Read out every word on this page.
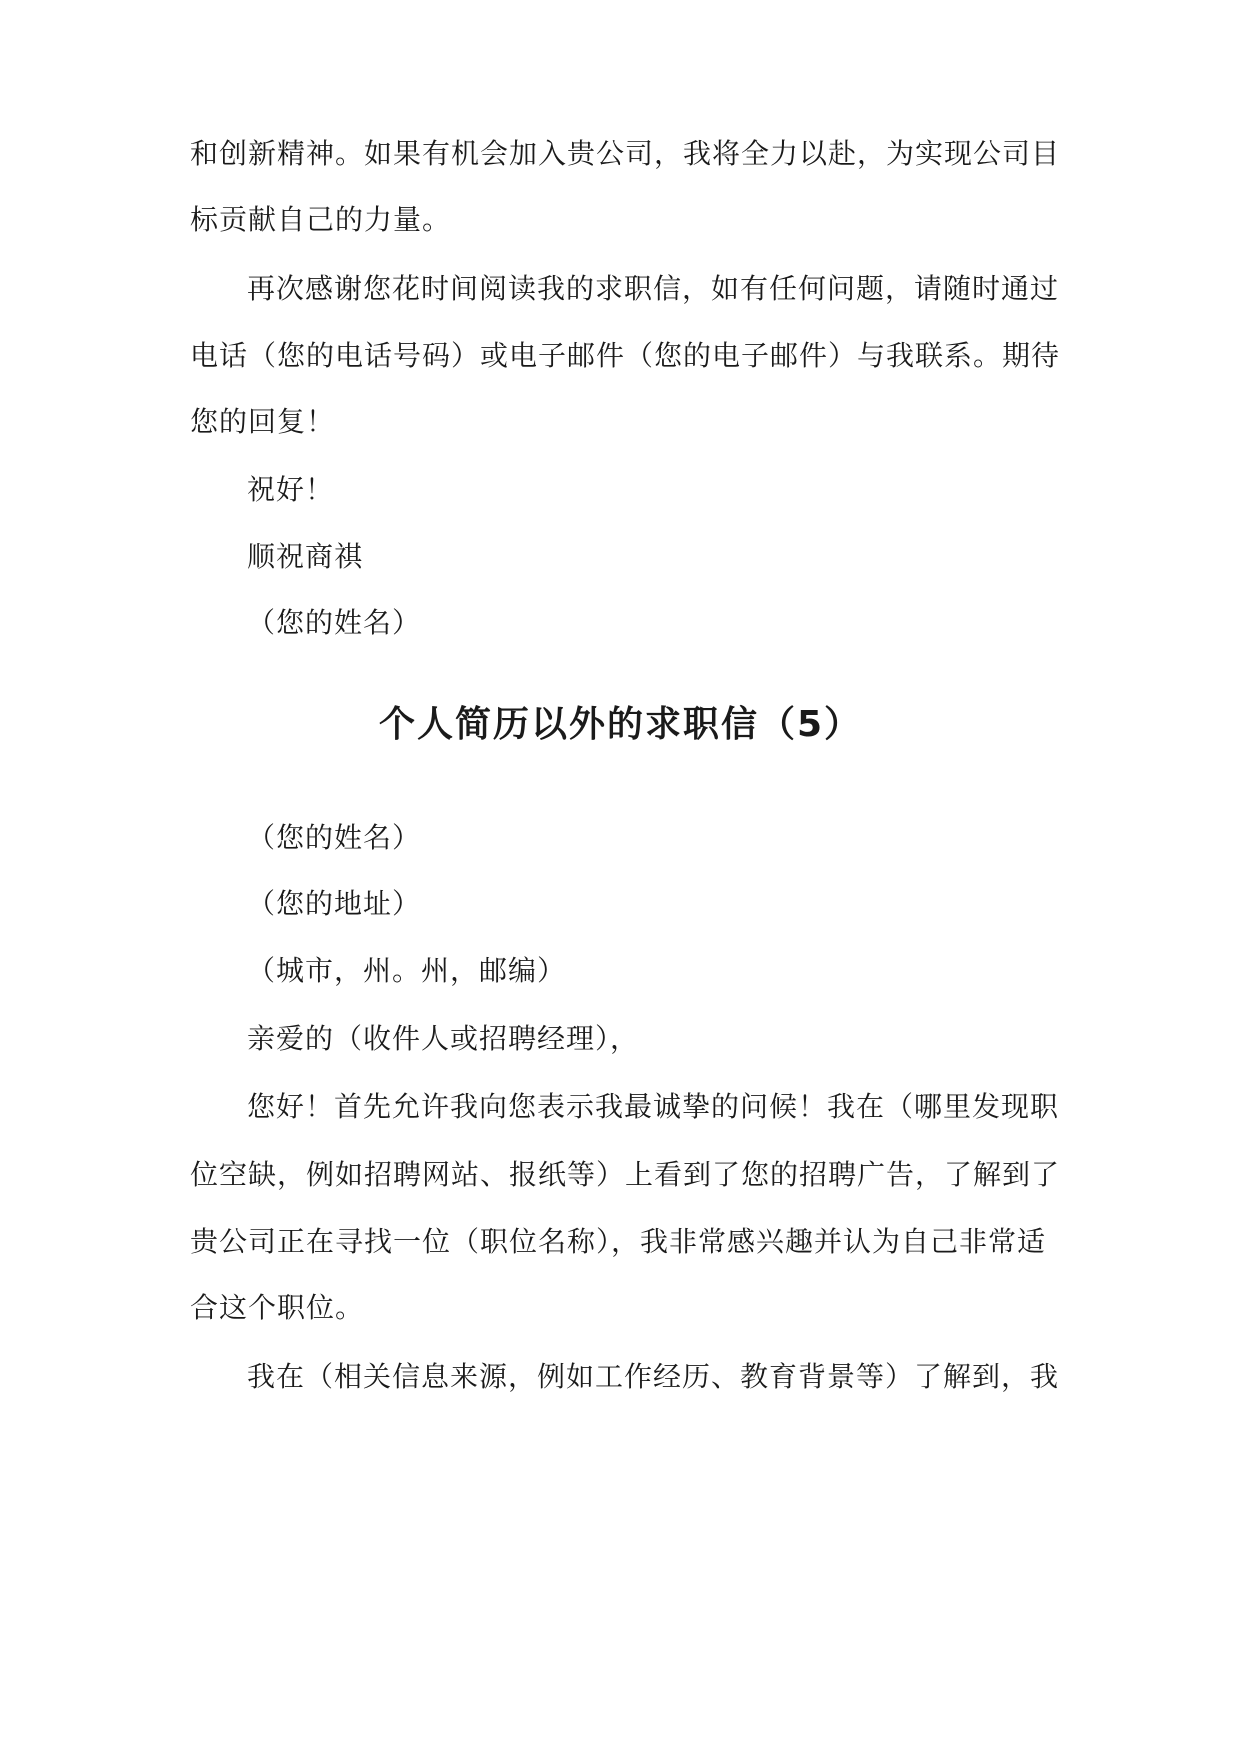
和创新精神。如果有机会加入贵公司，我将全力以赴，为实现公司目
标贡献自己的力量。
再次感谢您花时间阅读我的求职信，如有任何问题，请随时通过
电话（您的电话号码）或电子邮件（您的电子邮件）与我联系。期待
您的回复！
祝好！
顺祝商祺
（您的姓名）
个人简历以外的求职信（5）
（您的姓名）
（您的地址）
（城市，州。州，邮编）
亲爱的（收件人或招聘经理），
您好！首先允许我向您表示我最诚挚的问候！我在（哪里发现职
位空缺，例如招聘网站、报纸等）上看到了您的招聘广告，了解到了
贵公司正在寻找一位（职位名称），我非常感兴趣并认为自己非常适
合这个职位。
我在（相关信息来源，例如工作经历、教育背景等）了解到，我
